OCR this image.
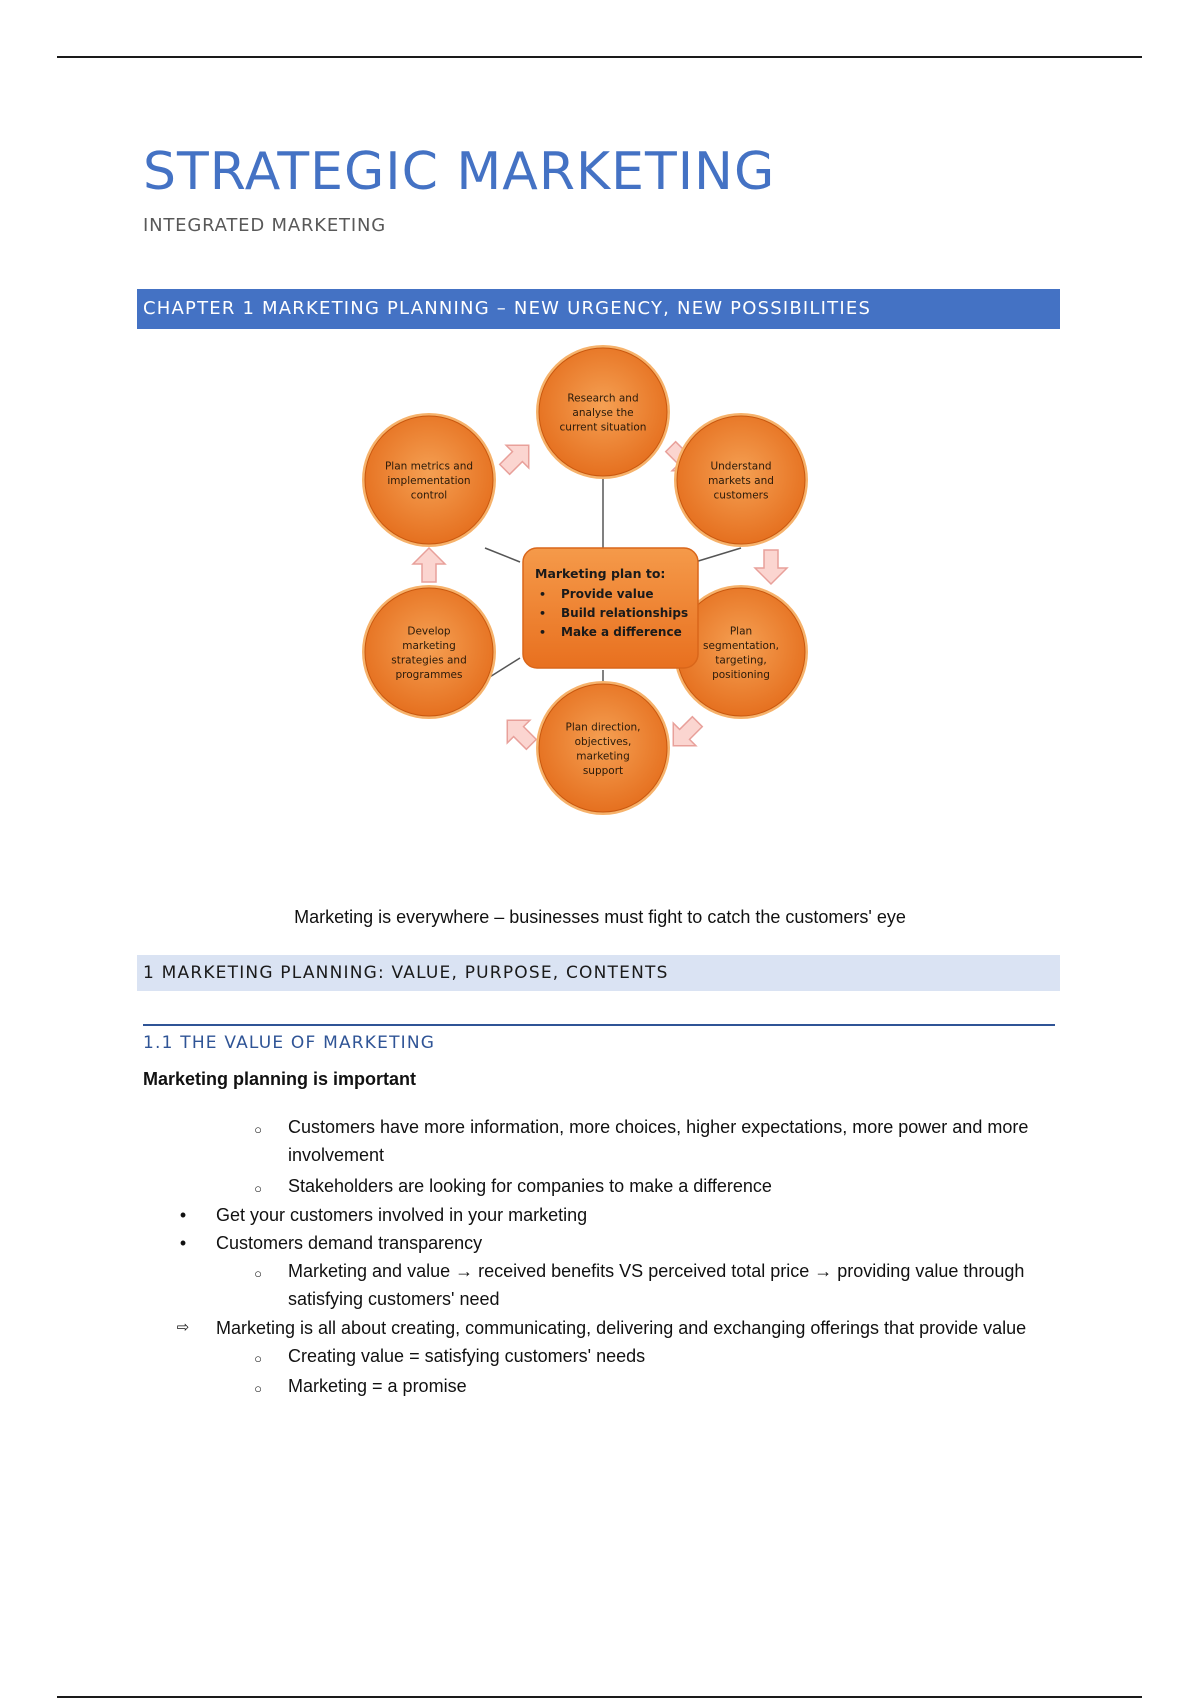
STRATEGIC MARKETING
INTEGRATED MARKETING
CHAPTER 1 MARKETING PLANNING – NEW URGENCY, NEW POSSIBILITIES
Research and
analyse the
current situation
Understand
markets and
customers
Plan
segmentation,
targeting,
positioning
Plan direction,
objectives,
marketing
support
Develop
marketing
strategies and
programmes
Plan metrics and
implementation
control
Marketing plan to:
• Provide value
• Build relationships
• Make a difference
Marketing is everywhere – businesses must fight to catch the customers' eye
1 MARKETING PLANNING: VALUE, PURPOSE, CONTENTS
1.1 THE VALUE OF MARKETING
Marketing planning is important
○	Customers have more information, more choices, higher expectations, more power and more
involvement
○	Stakeholders are looking for companies to make a difference
•	Get your customers involved in your marketing
•	Customers demand transparency
○	Marketing and value → received benefits VS perceived total price → providing value through
satisfying customers' need
⇨ Marketing is all about creating, communicating, delivering and exchanging offerings that provide value
○	Creating value = satisfying customers' needs
○	Marketing = a promise
